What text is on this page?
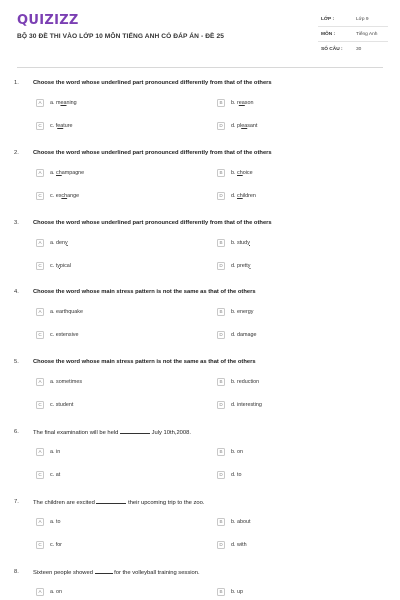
QUIZIZZ
BỘ 30 ĐỀ THI VÀO LỚP 10 MÔN TIẾNG ANH CÓ ĐÁP ÁN - ĐỀ 25
LỚP :	Lớp 9
MÔN :	Tiếng Anh
SỐ CÂU :	30
1. Choose the word whose underlined part pronounced differently from that of the others
A	a. meaning	B	b. reason
C	c. feature	D	d. pleasant
2. Choose the word whose underlined part pronounced differently from that of the others
A	a. champagne	B	b. choice
C	c. exchange	D	d. children
3. Choose the word whose underlined part pronounced differently from that of the others
A	a. deny	B	b. study
C	c. typical	D	d. pretty
4. Choose the word whose main stress pattern is not the same as that of the others
A	a. earthquake	B	b. energy
C	c. extensive	D	d. damage
5. Choose the word whose main stress pattern is not the same as that of the others
A	a. sometimes	B	b. reduction
C	c. student	D	d. interesting
6. The final examination will be held	July 10th,2008.
A	a. in	B	b. on
C	c. at	D	d. to
7. The children are excited	their upcoming trip to the zoo.
A	a. to	B	b. about
C	c. for	D	d. with
8. Sixteen people showed	for the volleyball training session.
A	a. on	B	b. up
